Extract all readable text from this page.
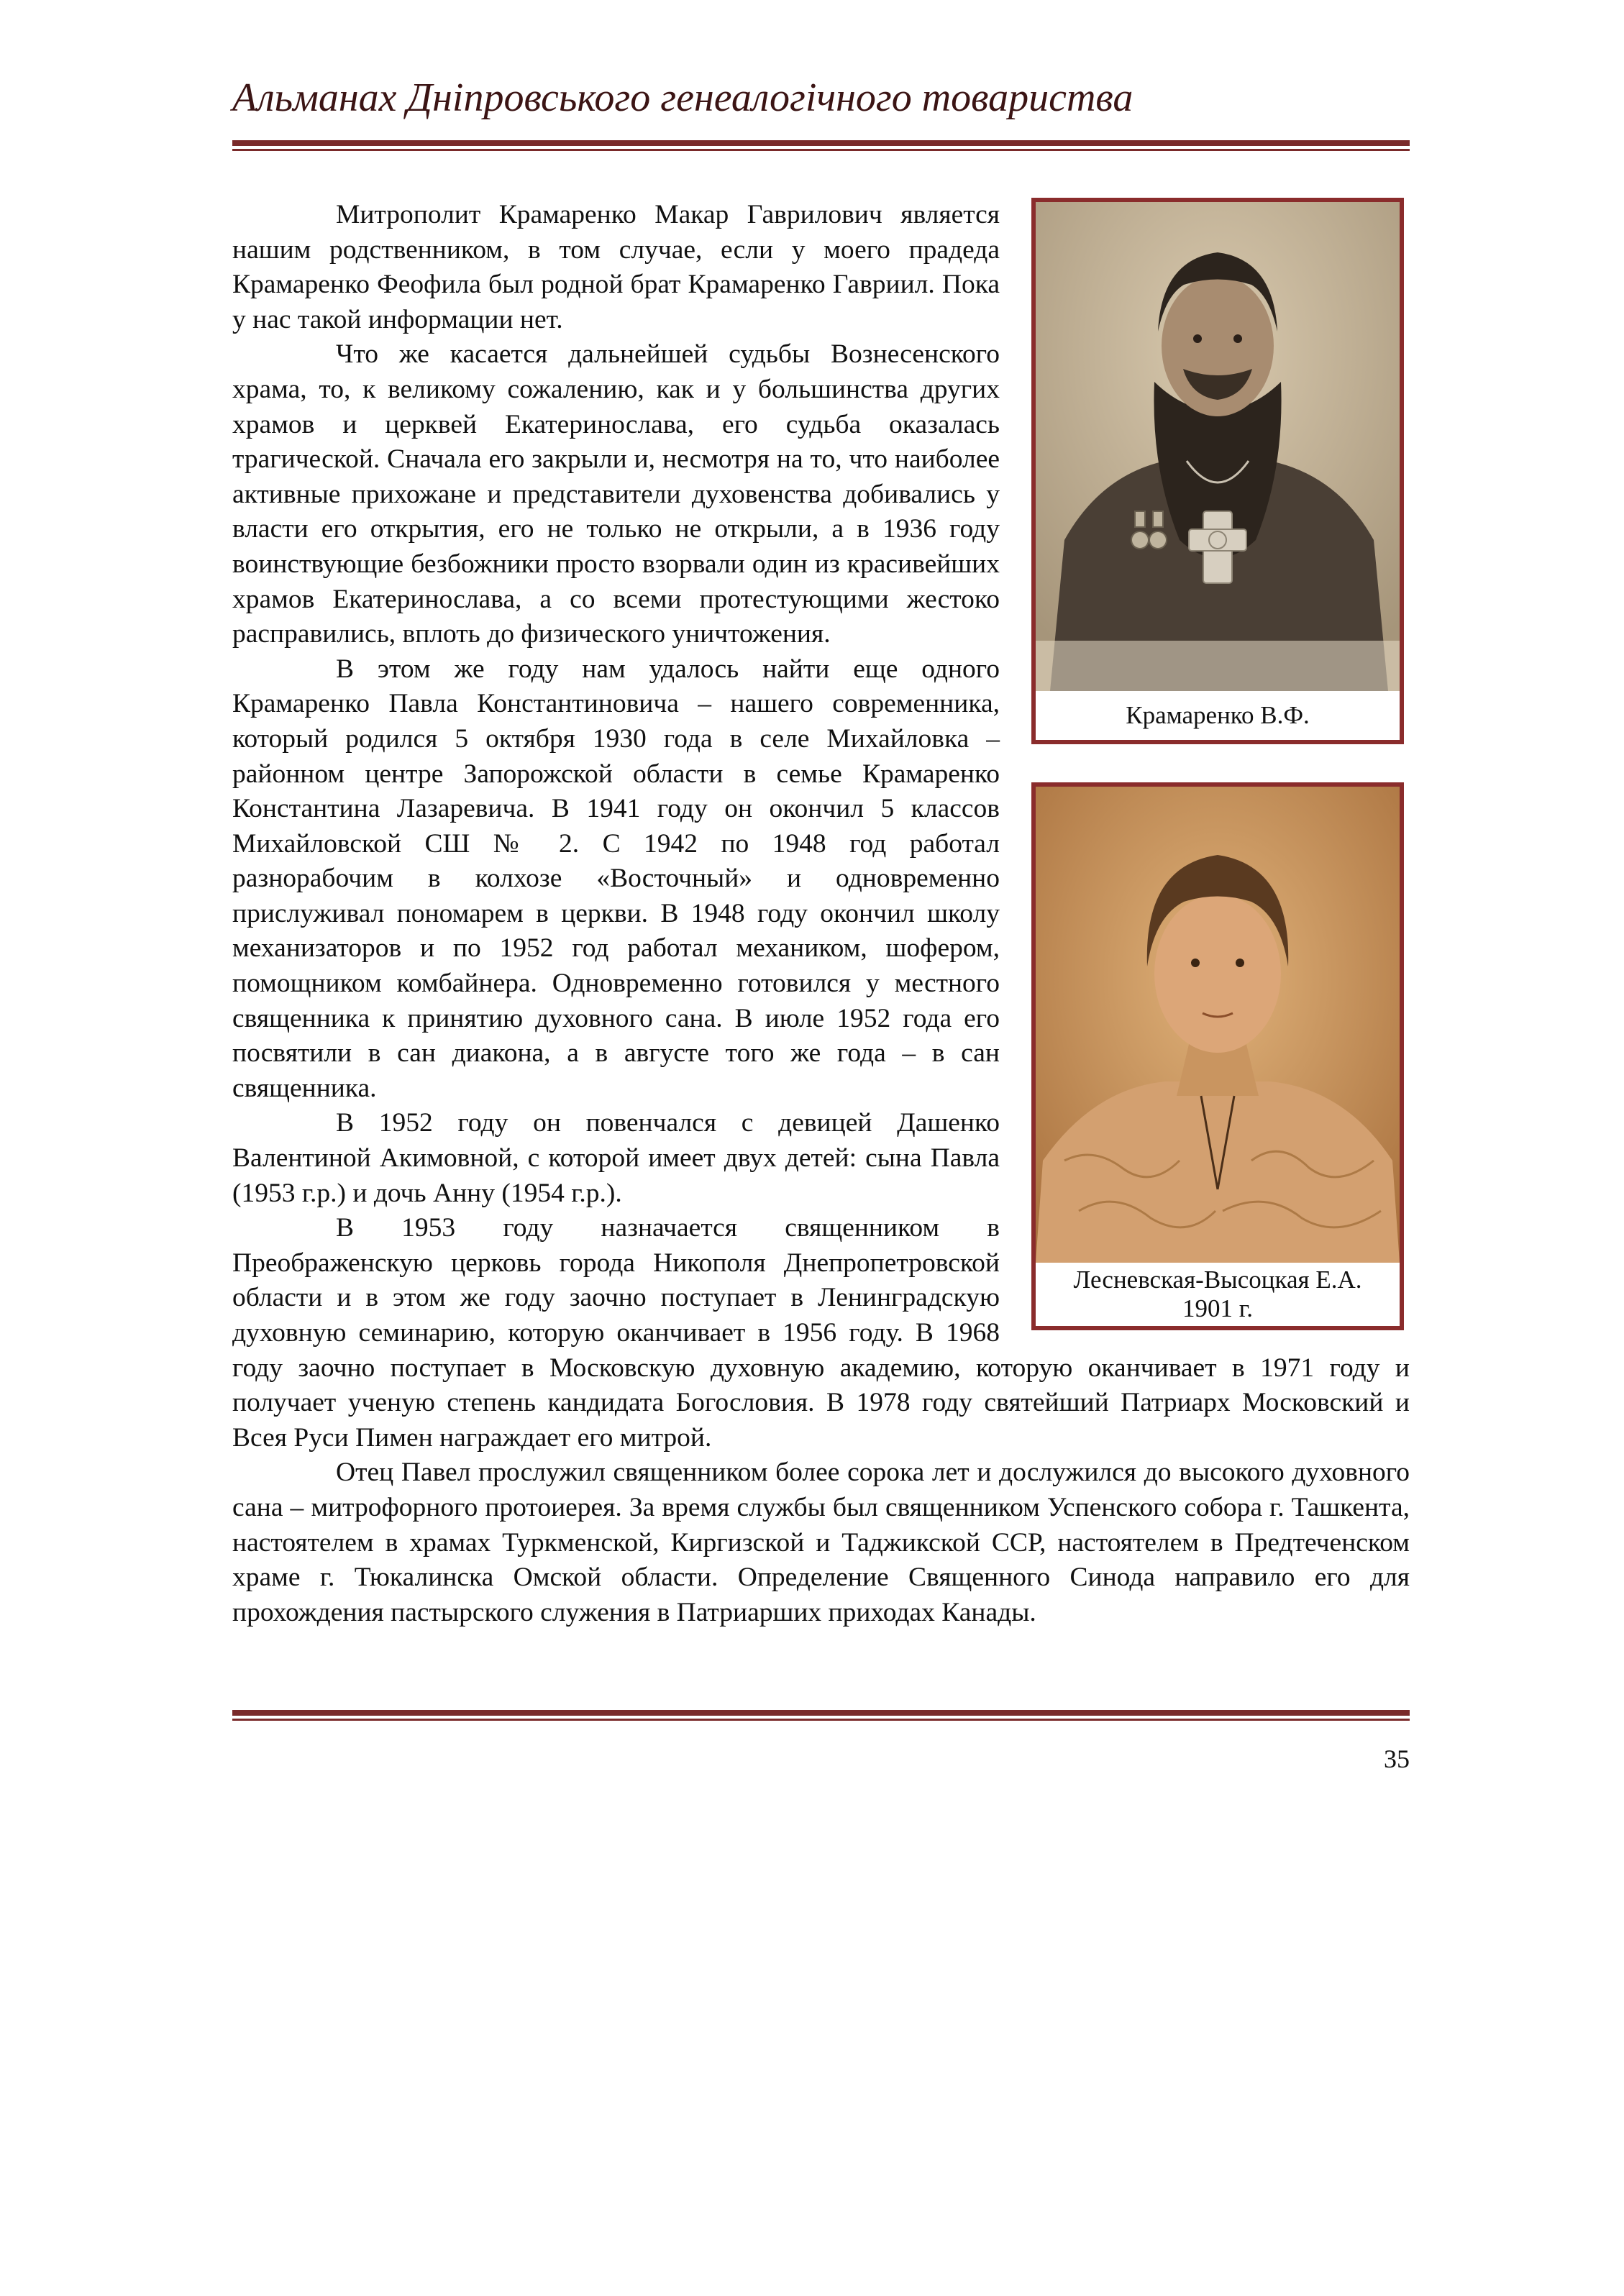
Альманах Дніпровського генеалогічного товариства

Митрополит Крамаренко Макар Гаврилович является нашим родственником, в том случае, если у моего прадеда Крамаренко Феофила был родной брат Крамаренко Гавриил. Пока у нас такой информации нет.

Что же касается дальнейшей судьбы Вознесенского храма, то, к великому сожалению, как и у большинства других храмов и церквей Екатеринослава, его судьба оказалась трагической. Сначала его закрыли и, несмотря на то, что наиболее активные прихожане и представители духовенства добивались у власти его открытия, его не только не открыли, а в 1936 году воинствующие безбожники просто взорвали один из красивейших храмов Екатеринослава, а со всеми протестующими жестоко расправились, вплоть до физического уничтожения.

В этом же году нам удалось найти еще одного Крамаренко Павла Константиновича – нашего современника, который родился 5 октября 1930 года в селе Михайловка – районном центре Запорожской области в семье Крамаренко Константина Лазаревича. В 1941 году он окончил 5 классов Михайловской СШ № 2. С 1942 по 1948 год работал разнорабочим в колхозе «Восточный» и одновременно прислуживал пономарем в церкви. В 1948 году окончил школу механизаторов и по 1952 год работал механиком, шофером, помощником комбайнера. Одновременно готовился у местного священника к принятию духовного сана. В июле 1952 года его посвятили в сан диакона, а в августе того же года – в сан священника.

В 1952 году он повенчался с девицей Дашенко Валентиной Акимовной, с которой имеет двух детей: сына Павла (1953 г.р.) и дочь Анну (1954 г.р.).

В 1953 году назначается священником в Преображенскую церковь города Никополя Днепропетровской области и в этом же году заочно поступает в Ленинградскую духовную семинарию, которую оканчивает в 1956 году. В 1968 году заочно поступает в Московскую духовную академию, которую оканчивает в 1971 году и получает ученую степень кандидата Богословия. В 1978 году святейший Патриарх Московский и Всея Руси Пимен награждает его митрой.

Отец Павел прослужил священником более сорока лет и дослужился до высокого духовного сана – митрофорного протоиерея. За время службы был священником Успенского собора г. Ташкента, настоятелем в храмах Туркменской, Киргизской и Таджикской ССР, настоятелем в Предтеченском храме г. Тюкалинска Омской области. Определение Священного Синода направило его для прохождения пастырского служения в Патриарших приходах Канады.

Крамаренко В.Ф.
Лесневская-Высоцкая Е.А.
1901 г.
35
